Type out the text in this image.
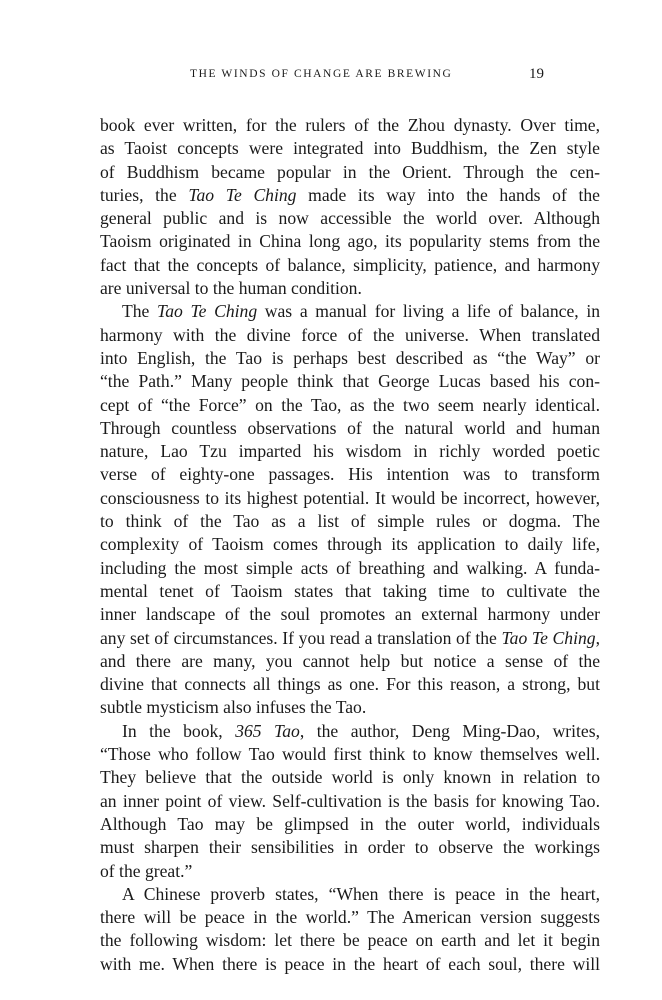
THE WINDS OF CHANGE ARE BREWING	19
book ever written, for the rulers of the Zhou dynasty. Over time,
as Taoist concepts were integrated into Buddhism, the Zen style
of Buddhism became popular in the Orient. Through the cen-
turies, the Tao Te Ching made its way into the hands of the
general public and is now accessible the world over. Although
Taoism originated in China long ago, its popularity stems from the
fact that the concepts of balance, simplicity, patience, and harmony
are universal to the human condition.
The Tao Te Ching was a manual for living a life of balance, in
harmony with the divine force of the universe. When translated
into English, the Tao is perhaps best described as “the Way” or
“the Path.” Many people think that George Lucas based his con-
cept of “the Force” on the Tao, as the two seem nearly identical.
Through countless observations of the natural world and human
nature, Lao Tzu imparted his wisdom in richly worded poetic
verse of eighty-one passages. His intention was to transform
consciousness to its highest potential. It would be incorrect, however,
to think of the Tao as a list of simple rules or dogma. The
complexity of Taoism comes through its application to daily life,
including the most simple acts of breathing and walking. A funda-
mental tenet of Taoism states that taking time to cultivate the
inner landscape of the soul promotes an external harmony under
any set of circumstances. If you read a translation of the Tao Te Ching,
and there are many, you cannot help but notice a sense of the
divine that connects all things as one. For this reason, a strong, but
subtle mysticism also infuses the Tao.
In the book, 365 Tao, the author, Deng Ming-Dao, writes,
“Those who follow Tao would first think to know themselves well.
They believe that the outside world is only known in relation to
an inner point of view. Self-cultivation is the basis for knowing Tao.
Although Tao may be glimpsed in the outer world, individuals
must sharpen their sensibilities in order to observe the workings
of the great.”
A Chinese proverb states, “When there is peace in the heart,
there will be peace in the world.” The American version suggests
the following wisdom: let there be peace on earth and let it begin
with me. When there is peace in the heart of each soul, there will
